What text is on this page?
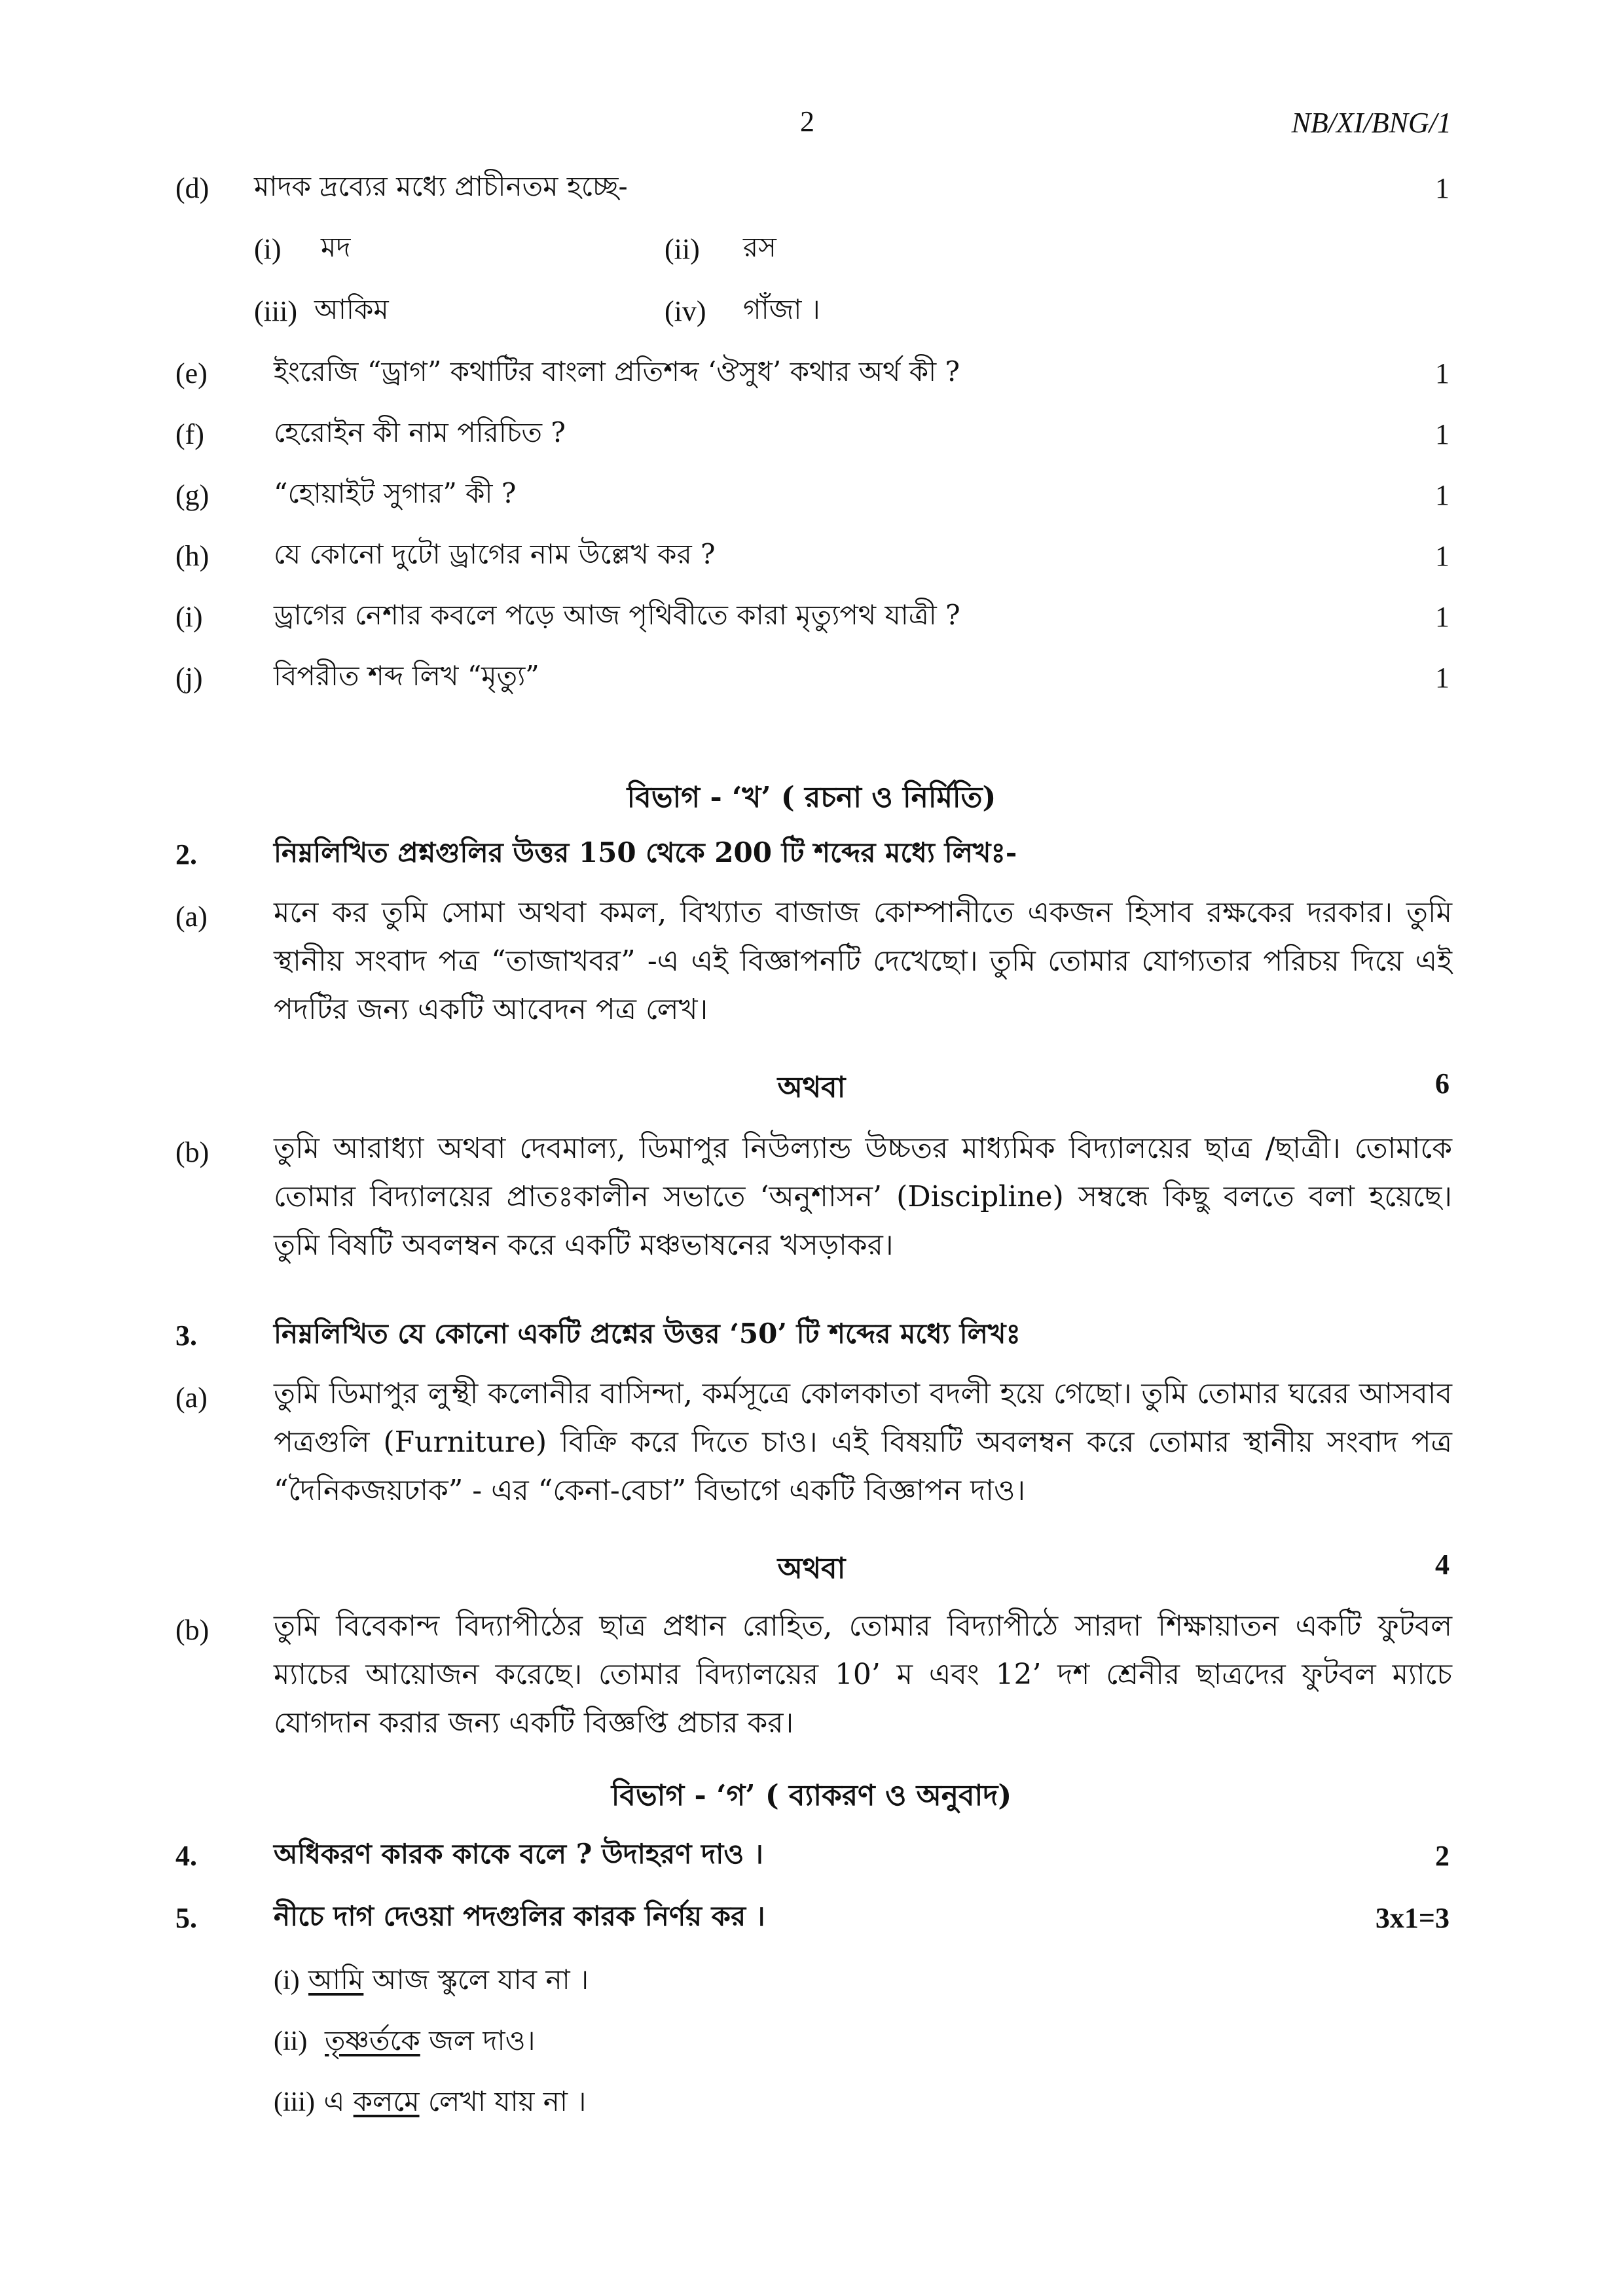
2	NB/XI/BNG/1
(d) মাদক দ্রব্যের মধ্যে প্রাচীনতম হচ্ছে-	1
(i) মদ	(ii) রস
(iii) আকিম	(iv) গাঁজা ।
(e) ইংরেজি “ড্রাগ” কথাটির বাংলা প্রতিশব্দ ‘ঔসুধ’ কথার অর্থ কী ?	1
(f)	হেরোইন কী নাম পরিচিত ?	1
(g) “হোয়াইট সুগার” কী ?	1
(h) যে কোনো দুটো ড্রাগের নাম উল্লেখ কর ?	1
(i)	ড্রাগের নেশার কবলে পড়ে আজ পৃথিবীতে কারা মৃত্যুপথ যাত্রী ?	1
(j)	বিপরীত শব্দ লিখ “মৃত্যু”	1
বিভাগ - ‘খ’ ( রচনা ও নির্মিতি)
2.	নিম্নলিখিত প্রশ্নগুলির উত্তর 150 থেকে 200 টি শব্দের মধ্যে লিখঃ-
(a) মনে কর তুমি সোমা অথবা কমল, বিখ্যাত বাজাজ কোম্পানীতে একজন হিসাব রক্ষকের দরকার। তুমি স্থানীয় সংবাদ পত্র “তাজাখবর” -এ এই বিজ্ঞাপনটি দেখেছো। তুমি তোমার যোগ্যতার পরিচয় দিয়ে এই পদটির জন্য একটি আবেদন পত্র লেখ।
অথবা	6
(b) তুমি আরাধ্যা অথবা দেবমাল্য, ডিমাপুর নিউল্যান্ড উচ্চতর মাধ্যমিক বিদ্যালয়ের ছাত্র /ছাত্রী। তোমাকে তোমার বিদ্যালয়ের প্রাতঃকালীন সভাতে ‘অনুশাসন’ (Discipline) সম্বন্ধে কিছু বলতে বলা হয়েছে। তুমি বিষটি অবলম্বন করে একটি মঞ্চভাষনের খসড়াকর।
3.	নিম্নলিখিত যে কোনো একটি প্রশ্নের উত্তর ‘50’ টি শব্দের মধ্যে লিখঃ
(a) তুমি ডিমাপুর লুম্থী কলোনীর বাসিন্দা, কর্মসূত্রে কোলকাতা বদলী হয়ে গেছো। তুমি তোমার ঘরের আসবাব পত্রগুলি (Furniture) বিক্রি করে দিতে চাও। এই বিষয়টি অবলম্বন করে তোমার স্থানীয় সংবাদ পত্র “দৈনিকজয়ঢাক” - এর “কেনা-বেচা” বিভাগে একটি বিজ্ঞাপন দাও।
অথবা	4
(b) তুমি বিবেকান্দ বিদ্যাপীঠের ছাত্র প্রধান রোহিত, তোমার বিদ্যাপীঠে সারদা শিক্ষায়াতন একটি ফুটবল ম্যাচের আয়োজন করেছে। তোমার বিদ্যালয়ের 10’ ম এবং 12’ দশ শ্রেনীর ছাত্রদের ফুটবল ম্যাচে যোগদান করার জন্য একটি বিজ্ঞপ্তি প্রচার কর।
বিভাগ - ‘গ’ ( ব্যাকরণ ও অনুবাদ)
4.	অধিকরণ কারক কাকে বলে ? উদাহরণ দাও ।	2
5.	নীচে দাগ দেওয়া পদগুলির কারক নির্ণয় কর ।	3x1=3
(i) আমি আজ স্কুলে যাব না ।
(ii) তৃষ্ণর্তকে জল দাও।
(iii) এ কলমে লেখা যায় না ।
